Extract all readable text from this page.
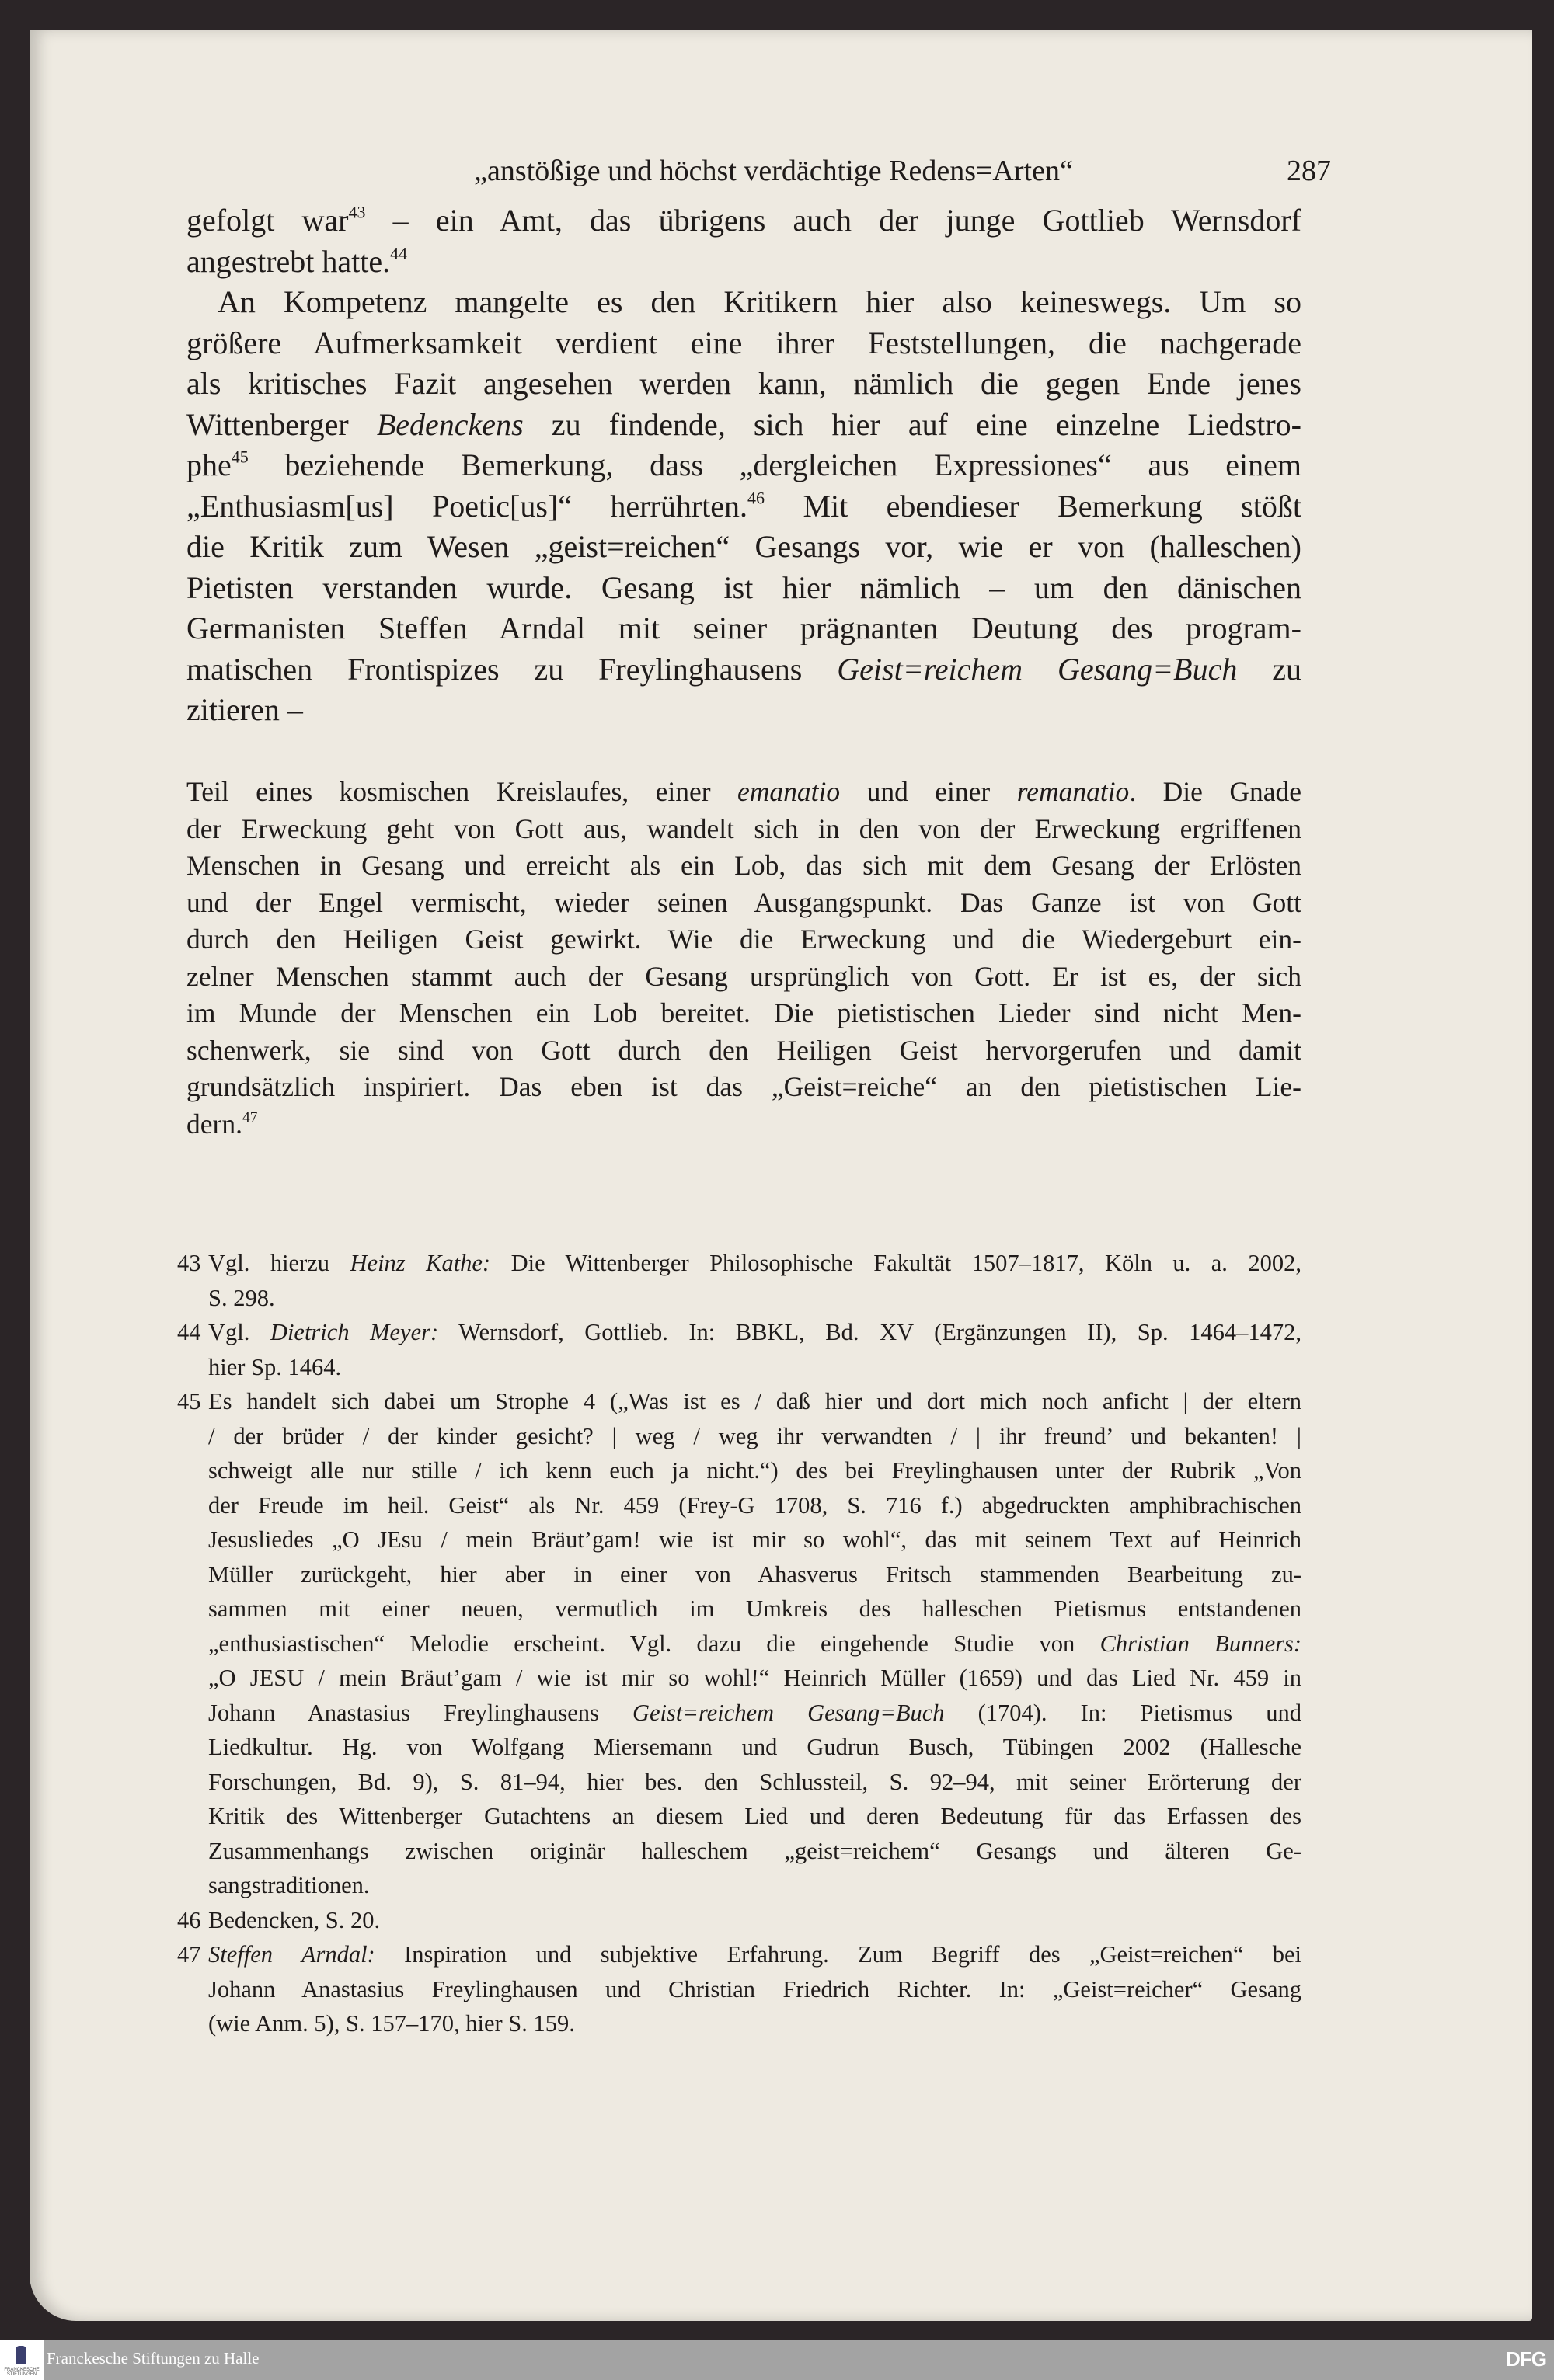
„anstößige und höchst verdächtige Redens=Arten“	287
gefolgt war$^{43}$ – ein Amt, das übrigens auch der junge Gottlieb Wernsdorf
angestrebt hatte.$^{44}$
An Kompetenz mangelte es den Kritikern hier also keineswegs. Um so
größere Aufmerksamkeit verdient eine ihrer Feststellungen, die nachgerade
als kritisches Fazit angesehen werden kann, nämlich die gegen Ende jenes
Wittenberger Bedenckens zu findende, sich hier auf eine einzelne Liedstro-
phe$^{45}$ beziehende Bemerkung, dass „dergleichen Expressiones“ aus einem
„Enthusiasm[us] Poetic[us]“ herrührten.$^{46}$ Mit ebendieser Bemerkung stößt
die Kritik zum Wesen „geist=reichen“ Gesangs vor, wie er von (halleschen)
Pietisten verstanden wurde. Gesang ist hier nämlich – um den dänischen
Germanisten Steffen Arndal mit seiner prägnanten Deutung des program-
matischen Frontispizes zu Freylinghausens Geist=reichem Gesang=Buch zu
zitieren –
Teil eines kosmischen Kreislaufes, einer emanatio und einer remanatio. Die Gnade
der Erweckung geht von Gott aus, wandelt sich in den von der Erweckung ergriffenen
Menschen in Gesang und erreicht als ein Lob, das sich mit dem Gesang der Erlösten
und der Engel vermischt, wieder seinen Ausgangspunkt. Das Ganze ist von Gott
durch den Heiligen Geist gewirkt. Wie die Erweckung und die Wiedergeburt ein-
zelner Menschen stammt auch der Gesang ursprünglich von Gott. Er ist es, der sich
im Munde der Menschen ein Lob bereitet. Die pietistischen Lieder sind nicht Men-
schenwerk, sie sind von Gott durch den Heiligen Geist hervorgerufen und damit
grundsätzlich inspiriert. Das eben ist das „Geist=reiche“ an den pietistischen Lie-
dern.$^{47}$
43 Vgl. hierzu Heinz Kathe: Die Wittenberger Philosophische Fakultät 1507–1817, Köln u. a. 2002,
S. 298.
44 Vgl. Dietrich Meyer: Wernsdorf, Gottlieb. In: BBKL, Bd. XV (Ergänzungen II), Sp. 1464–1472,
hier Sp. 1464.
45 Es handelt sich dabei um Strophe 4 („Was ist es / daß hier und dort mich noch anficht | der eltern
/ der brüder / der kinder gesicht? | weg / weg ihr verwandten / | ihr freund’ und bekanten! |
schweigt alle nur stille / ich kenn euch ja nicht.“) des bei Freylinghausen unter der Rubrik „Von
der Freude im heil. Geist“ als Nr. 459 (Frey-G 1708, S. 716 f.) abgedruckten amphibrachischen
Jesusliedes „O JEsu / mein Bräut’gam! wie ist mir so wohl“, das mit seinem Text auf Heinrich
Müller zurückgeht, hier aber in einer von Ahasverus Fritsch stammenden Bearbeitung zu-
sammen mit einer neuen, vermutlich im Umkreis des halleschen Pietismus entstandenen
„enthusiastischen“ Melodie erscheint. Vgl. dazu die eingehende Studie von Christian Bunners:
„O JESU / mein Bräut’gam / wie ist mir so wohl!“ Heinrich Müller (1659) und das Lied Nr. 459 in
Johann Anastasius Freylinghausens Geist=reichem Gesang=Buch (1704). In: Pietismus und
Liedkultur. Hg. von Wolfgang Miersemann und Gudrun Busch, Tübingen 2002 (Hallesche
Forschungen, Bd. 9), S. 81–94, hier bes. den Schlussteil, S. 92–94, mit seiner Erörterung der
Kritik des Wittenberger Gutachtens an diesem Lied und deren Bedeutung für das Erfassen des
Zusammenhangs zwischen originär halleschem „geist=reichem“ Gesangs und älteren Ge-
sangstraditionen.
46 Bedencken, S. 20.
47 Steffen Arndal: Inspiration und subjektive Erfahrung. Zum Begriff des „Geist=reichen“ bei
Johann Anastasius Freylinghausen und Christian Friedrich Richter. In: „Geist=reicher“ Gesang
(wie Anm. 5), S. 157–170, hier S. 159.
FRANCKESCHE STIFTUNGEN
Franckesche Stiftungen zu Halle	DFG
